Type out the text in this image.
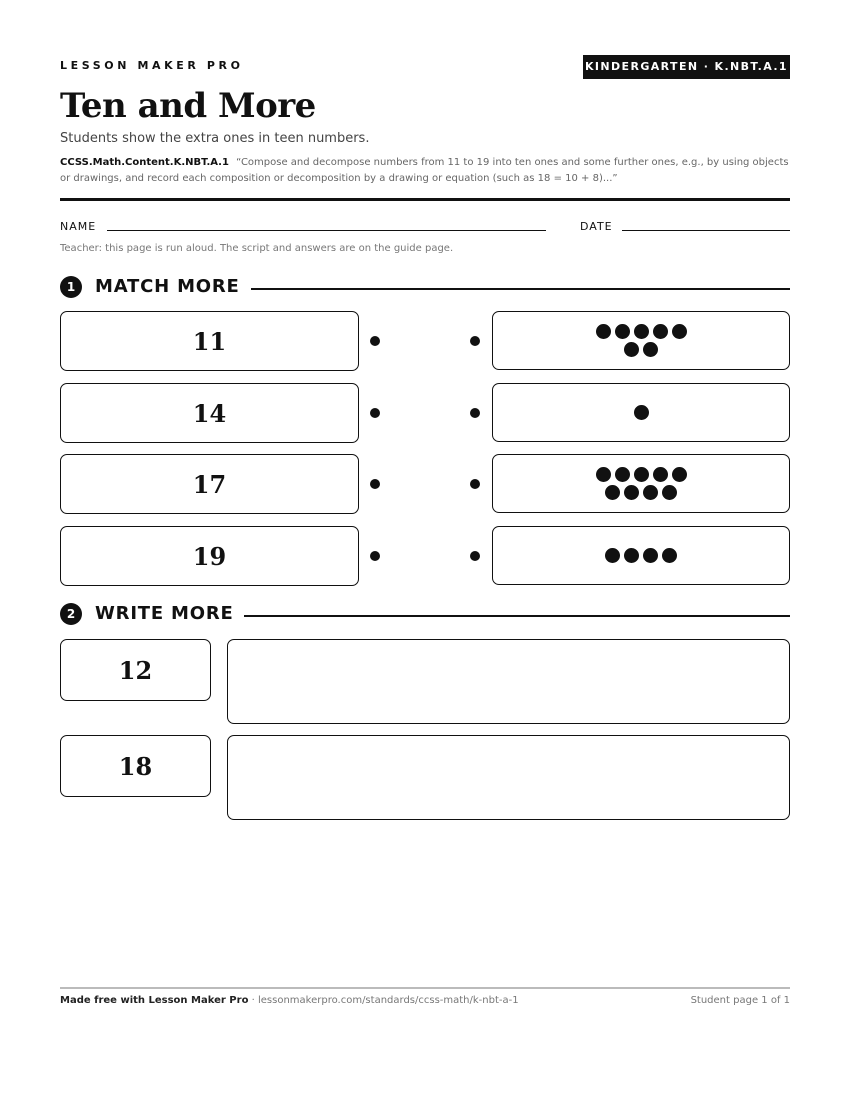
LESSON MAKER PRO	KINDERGARTEN · K.NBT.A.1
Ten and More
Students show the extra ones in teen numbers.
CCSS.Math.Content.K.NBT.A.1 “Compose and decompose numbers from 11 to 19 into ten ones and some further ones, e.g., by using objects or drawings, and record each composition or decomposition by a drawing or equation (such as 18 = 10 + 8)...”
NAME	DATE
Teacher: this page is run aloud. The script and answers are on the guide page.
1	MATCH MORE
11
14
17
19
2	WRITE MORE
12
18
Made free with Lesson Maker Pro · lessonmakerpro.com/standards/ccss-math/k-nbt-a-1	Student page 1 of 1
